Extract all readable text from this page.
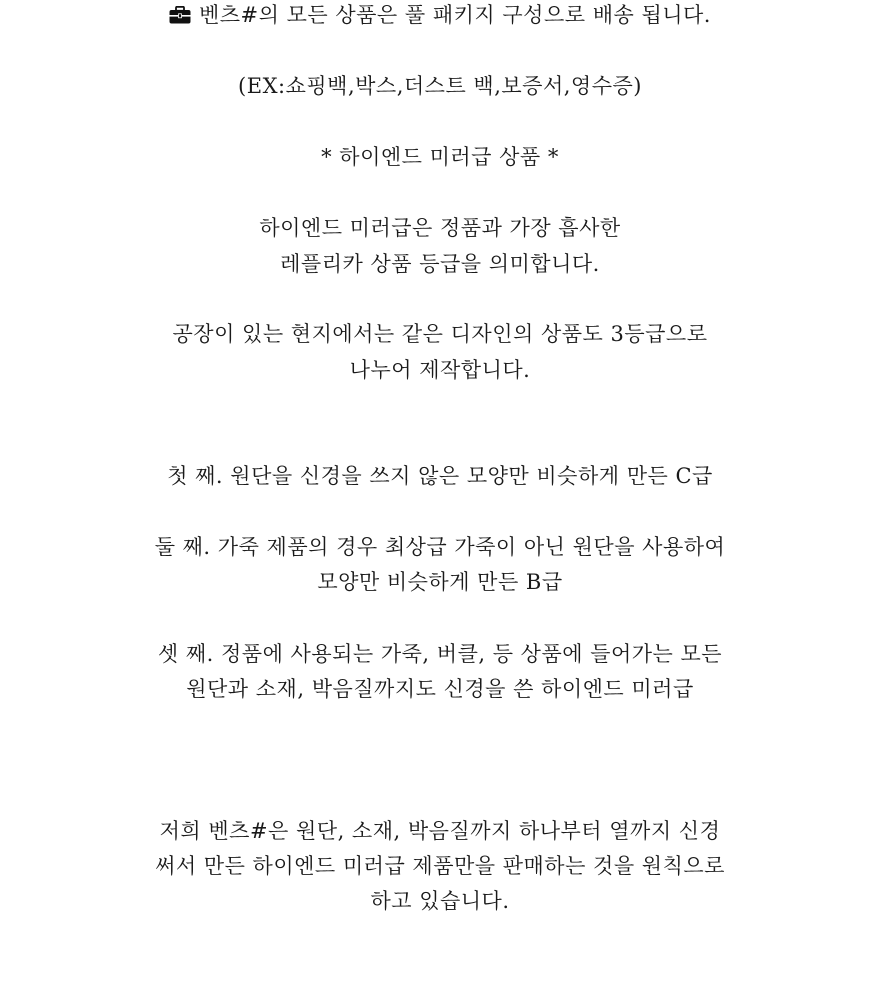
벤츠#의 모든 상품은 풀 패키지 구성으로 배송 됩니다.
(EX:쇼핑백,박스,더스트 백,보증서,영수증)
* 하이엔드 미러급 상품 *
하이엔드 미러급은 정품과 가장 흡사한
레플리카 상품 등급을 의미합니다.
공장이 있는 현지에서는 같은 디자인의 상품도 3등급으로
나누어 제작합니다.
첫 째. 원단을 신경을 쓰지 않은 모양만 비슷하게 만든 C급
둘 째. 가죽 제품의 경우 최상급 가죽이 아닌 원단을 사용하여
모양만 비슷하게 만든 B급
셋 째. 정품에 사용되는 가죽, 버클, 등 상품에 들어가는 모든
원단과 소재, 박음질까지도 신경을 쓴 하이엔드 미러급
저희 벤츠#은 원단, 소재, 박음질까지 하나부터 열까지 신경
써서 만든 하이엔드 미러급 제품만을 판매하는 것을 원칙으로
하고 있습니다.
